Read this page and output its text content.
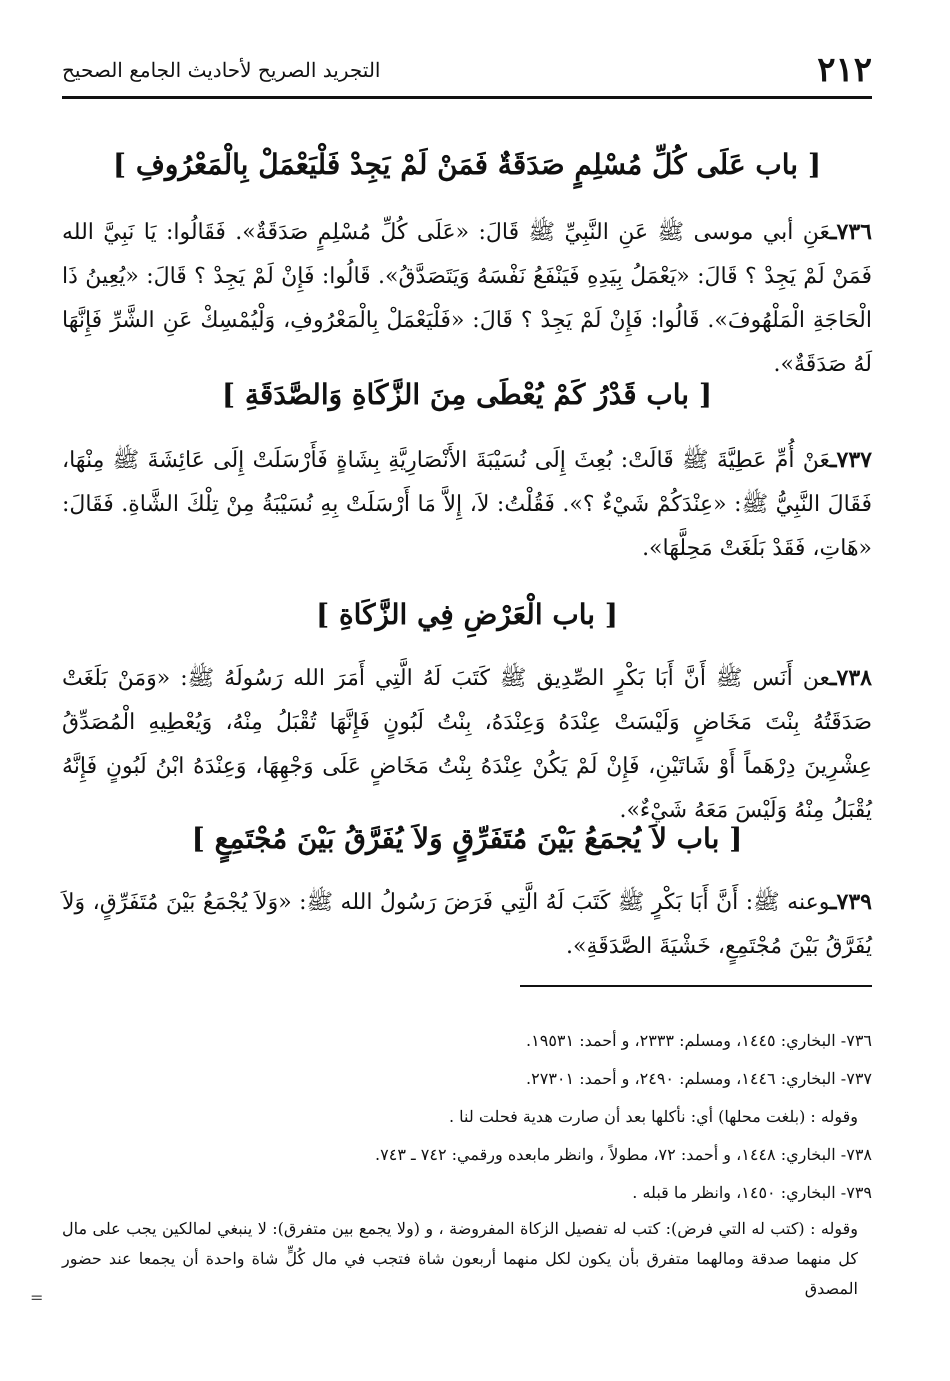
٢١٢
التجريد الصريح لأحاديث الجامع الصحيح
[ باب عَلَى كُلِّ مُسْلِمٍ صَدَقَةٌ فَمَنْ لَمْ يَجِدْ فَلْيَعْمَلْ بِالْمَعْرُوفِ ]

٧٣٦ـعَنِ أبي موسى ﷺ عَنِ النَّبِيِّ ﷺ قَالَ: «عَلَى كُلِّ مُسْلِمٍ صَدَقَةٌ». فَقَالُوا: يَا نَبِيَّ الله فَمَنْ لَمْ يَجِدْ ؟ قَالَ: «يَعْمَلُ بِيَدِهِ فَيَنْفَعُ نَفْسَهُ وَيَتَصَدَّقُ». قَالُوا: فَإِنْ لَمْ يَجِدْ ؟ قَالَ: «يُعِينُ ذَا الْحَاجَةِ الْمَلْهُوفَ». قَالُوا: فَإِنْ لَمْ يَجِدْ ؟ قَالَ: «فَلْيَعْمَلْ بِالْمَعْرُوفِ، وَلْيُمْسِكْ عَنِ الشَّرِّ فَإِنَّهَا لَهُ صَدَقَةٌ».

[ باب قَدْرُ كَمْ يُعْطَى مِنَ الزَّكَاةِ وَالصَّدَقَةِ ]

٧٣٧ـعَنْ أُمِّ عَطِيَّةَ ﷺ قَالَتْ: بُعِثَ إِلَى نُسَيْبَةَ الأَنْصَارِيَّةِ بِشَاةٍ فَأَرْسَلَتْ إِلَى عَائِشَةَ ﷺ مِنْهَا، فَقَالَ النَّبِيُّ ﷺ: «عِنْدَكُمْ شَيْءٌ ؟». فَقُلْتُ: لاَ، إِلاَّ مَا أَرْسَلَتْ بِهِ نُسَيْبَةُ مِنْ تِلْكَ الشَّاةِ. فَقَالَ: «هَاتِ، فَقَدْ بَلَغَتْ مَحِلَّهَا».

[ باب الْعَرْضِ فِي الزَّكَاةِ ]

٧٣٨ـعن أَنَس ﷺ أَنَّ أَبَا بَكْرٍ الصِّدِيق ﷺ كَتَبَ لَهُ الَّتِي أَمَرَ الله رَسُولَهُ ﷺ: «وَمَنْ بَلَغَتْ صَدَقَتُهُ بِنْتَ مَخَاضٍ وَلَيْسَتْ عِنْدَهُ وَعِنْدَهُ، بِنْتُ لَبُونٍ فَإِنَّهَا تُقْبَلُ مِنْهُ، وَيُعْطِيهِ الْمُصَدِّقُ عِشْرِينَ دِرْهَماً أَوْ شَاتَيْنِ، فَإِنْ لَمْ يَكُنْ عِنْدَهُ بِنْتُ مَخَاضٍ عَلَى وَجْهِهَا، وَعِنْدَهُ ابْنُ لَبُونٍ فَإِنَّهُ يُقْبَلُ مِنْهُ وَلَيْسَ مَعَهُ شَيْءٌ».

[ باب لاَ يُجمَعُ بَيْنَ مُتَفَرِّقٍ وَلاَ يُفَرَّقُ بَيْنَ مُجْتَمِعٍ ]

٧٣٩ـوعنه ﷺ: أَنَّ أَبَا بَكْرٍ ﷺ كَتَبَ لَهُ الَّتِي فَرَضَ رَسُولُ الله ﷺ: «وَلاَ يُجْمَعُ بَيْنَ مُتَفَرِّقٍ، وَلاَ يُفَرَّقُ بَيْنَ مُجْتَمِعٍ، خَشْيَةَ الصَّدَقَةِ».

٧٣٦- البخاري: ١٤٤٥، ومسلم: ٢٣٣٣، و أحمد: ١٩٥٣١.
٧٣٧- البخاري: ١٤٤٦، ومسلم: ٢٤٩٠، و أحمد: ٢٧٣٠١.
وقوله : (بلغت محلها) أي: نأكلها بعد أن صارت هدية فحلت لنا .
٧٣٨- البخاري: ١٤٤٨، و أحمد: ٧٢، مطولاً ، وانظر مابعده ورقمي: ٧٤٢ ـ ٧٤٣.
٧٣٩- البخاري: ١٤٥٠، وانظر ما قبله .
وقوله : (كتب له التي فرض): كتب له تفصيل الزكاة المفروضة ، و (ولا يجمع بين متفرق): لا ينبغي لمالكين يجب على مال كل منهما صدقة ومالهما متفرق بأن يكون لكل منهما أربعون شاة فتجب في مال كُلٍّ شاة واحدة أن يجمعا عند حضور المصدق
=
